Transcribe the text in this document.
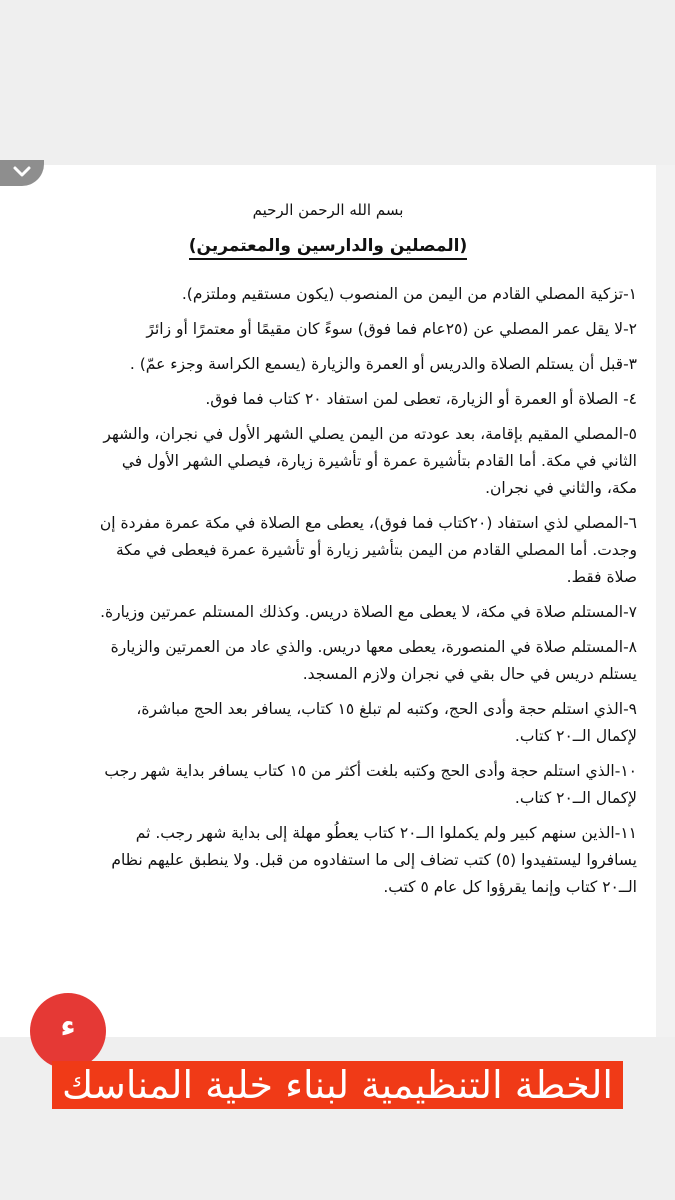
بسم الله الرحمن الرحيم
(المصلين والدارسين والمعتمرين)

١-تزكية المصلي القادم من اليمن من المنصوب (يكون مستقيم وملتزم).

٢-لا يقل عمر المصلي عن (٢٥عام فما فوق) سوءً كان مقيمًا أو معتمرًا أو زائرً

٣-قبل أن يستلم الصلاة والدريس أو العمرة والزيارة (يسمع الكراسة وجزء عمّ) .

٤- الصلاة أو العمرة أو الزيارة، تعطى لمن استفاد ٢٠ كتاب فما فوق.

٥-المصلي المقيم بإقامة، بعد عودته من اليمن يصلي الشهر الأول في نجران، والشهر الثاني في مكة. أما القادم بتأشيرة عمرة أو تأشيرة زيارة، فيصلي الشهر الأول في مكة، والثاني في نجران.

٦-المصلي لذي استفاد (٢٠كتاب فما فوق)، يعطى مع الصلاة في مكة عمرة مفردة إن وجدت. أما المصلي القادم من اليمن بتأشير زيارة أو تأشيرة عمرة فيعطى في مكة صلاة فقط.

٧-المستلم صلاة في مكة، لا يعطى مع الصلاة دريس. وكذلك المستلم عمرتين وزيارة.

٨-المستلم صلاة في المنصورة، يعطى معها دريس. والذي عاد من العمرتين والزيارة يستلم دريس في حال بقي في نجران ولازم المسجد.

٩-الذي استلم حجة وأدى الحج، وكتبه لم تبلغ ١٥ كتاب، يسافر بعد الحج مباشرة، لإكمال الــ٢٠ كتاب.

١٠-الذي استلم حجة وأدى الحج وكتبه بلغت أكثر من ١٥ كتاب يسافر بداية شهر رجب لإكمال الــ٢٠ كتاب.

١١-الذين سنهم كبير ولم يكملوا الــ٢٠ كتاب يعطُو مهلة إلى بداية شهر رجب. ثم يسافروا ليستفيدوا (٥) كتب تضاف إلى ما استفادوه من قبل. ولا ينطبق عليهم نظام الــ٢٠ كتاب وإنما يقرؤوا كل عام ٥ كتب.

ء
الخطة التنظيمية لبناء خلية المناسك
